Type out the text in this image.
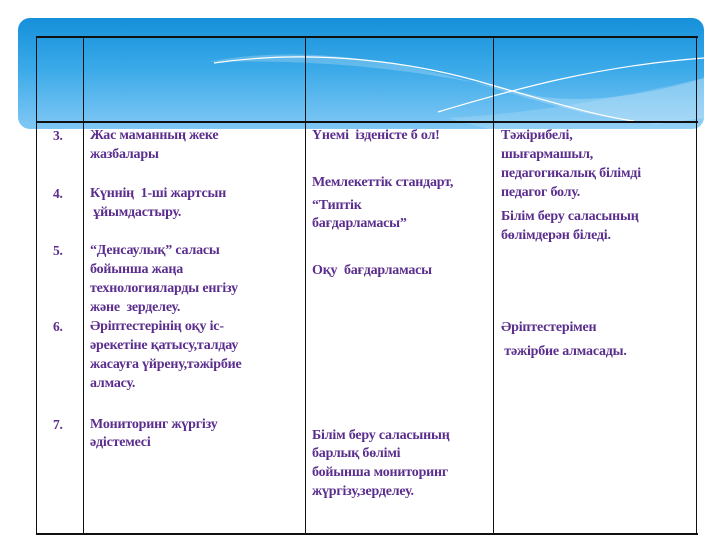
3.
4.
5.
6.
7.
Жас маманның жеке
жазбалары
Күннің  1-ші жартсын
ұйымдастыру.
“Денсаулық” саласы
бойынша жаңа
технологияларды енгізу
және  зерделеу.
Әріптестерінің оқу іс-
әрекетіне қатысу,талдау
жасауға үйрену,тәжірбие
алмасу.
Мониторинг жүргізу
әдістемесі
Үнемі  ізденісте б ол!
Мемлекеттік стандарт,
“Типтік
бағдарламасы”
Оқу  бағдарламасы
Білім беру саласының
барлық бөлімі
бойынша мониторинг
жүргізу,зерделеу.
Тәжірибелі,
шығармашыл,
педагогикалық білімді
педагог болу.
Білім беру саласының
бөлімдерән біледі.
Әріптестерімен
тәжірбие алмасады.
